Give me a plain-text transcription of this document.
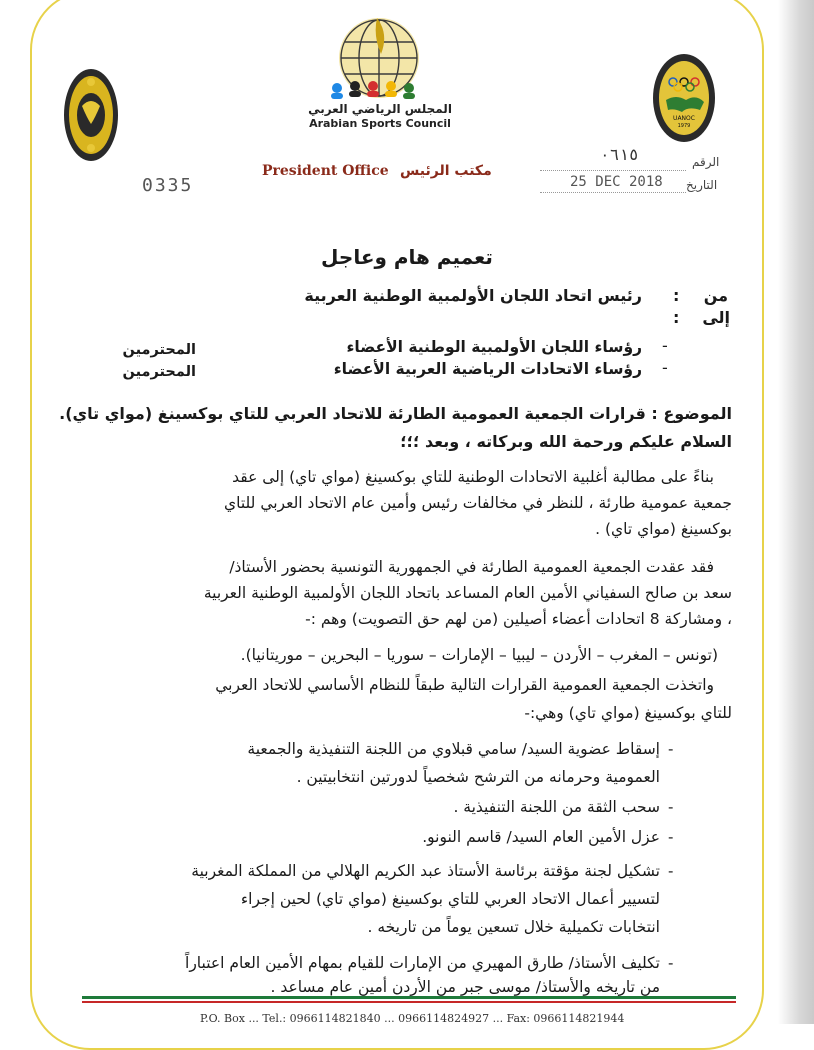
UANOC
1979
المجلس الرياضي العربي
Arabian Sports Council
President Office مكتب الرئيس
0335
الرقم
٠٦١٥
التاريخ
25 DEC 2018
تعميم هام وعاجل
من
إلى
:
:
رئيس اتحاد اللجان الأولمبية الوطنية العربية
-
رؤساء اللجان الأولمبية الوطنية الأعضاء
المحترمين
-
رؤساء الاتحادات الرياضية العربية الأعضاء
المحترمين
الموضوع : قرارات الجمعية العمومية الطارئة للاتحاد العربي للتاي بوكسينغ (مواي تاي).
السلام عليكم ورحمة الله وبركاته ، وبعد ؛؛؛
بناءً على مطالبة أغلبية الاتحادات الوطنية للتاي بوكسينغ (مواي تاي) إلى عقد
جمعية عمومية طارئة ، للنظر في مخالفات رئيس وأمين عام الاتحاد العربي للتاي
بوكسينغ (مواي تاي) .
فقد عقدت الجمعية العمومية الطارئة في الجمهورية التونسية بحضور الأستاذ/
سعد بن صالح السفياني الأمين العام المساعد باتحاد اللجان الأولمبية الوطنية العربية
، ومشاركة 8 اتحادات أعضاء أصيلين (من لهم حق التصويت) وهم :-
(تونس – المغرب – الأردن – ليبيا – الإمارات – سوريا – البحرين – موريتانيا).
واتخذت الجمعية العمومية القرارات التالية طبقاً للنظام الأساسي للاتحاد العربي
للتاي بوكسينغ (مواي تاي) وهي:-
-
إسقاط عضوية السيد/ سامي قبلاوي من اللجنة التنفيذية والجمعية
العمومية وحرمانه من الترشح شخصياً لدورتين انتخابيتين .
-
سحب الثقة من اللجنة التنفيذية .
-
عزل الأمين العام السيد/ قاسم النونو.
-
تشكيل لجنة مؤقتة برئاسة الأستاذ عبد الكريم الهلالي من المملكة المغربية
لتسيير أعمال الاتحاد العربي للتاي بوكسينغ (مواي تاي) لحين إجراء
انتخابات تكميلية خلال تسعين يوماً من تاريخه .
-
تكليف الأستاذ/ طارق المهيري من الإمارات للقيام بمهام الأمين العام اعتباراً
من تاريخه والأستاذ/ موسى جبر من الأردن أمين عام مساعد .
P.O. Box ... Tel.: 0966114821840 ... 0966114824927 ... Fax: 0966114821944
